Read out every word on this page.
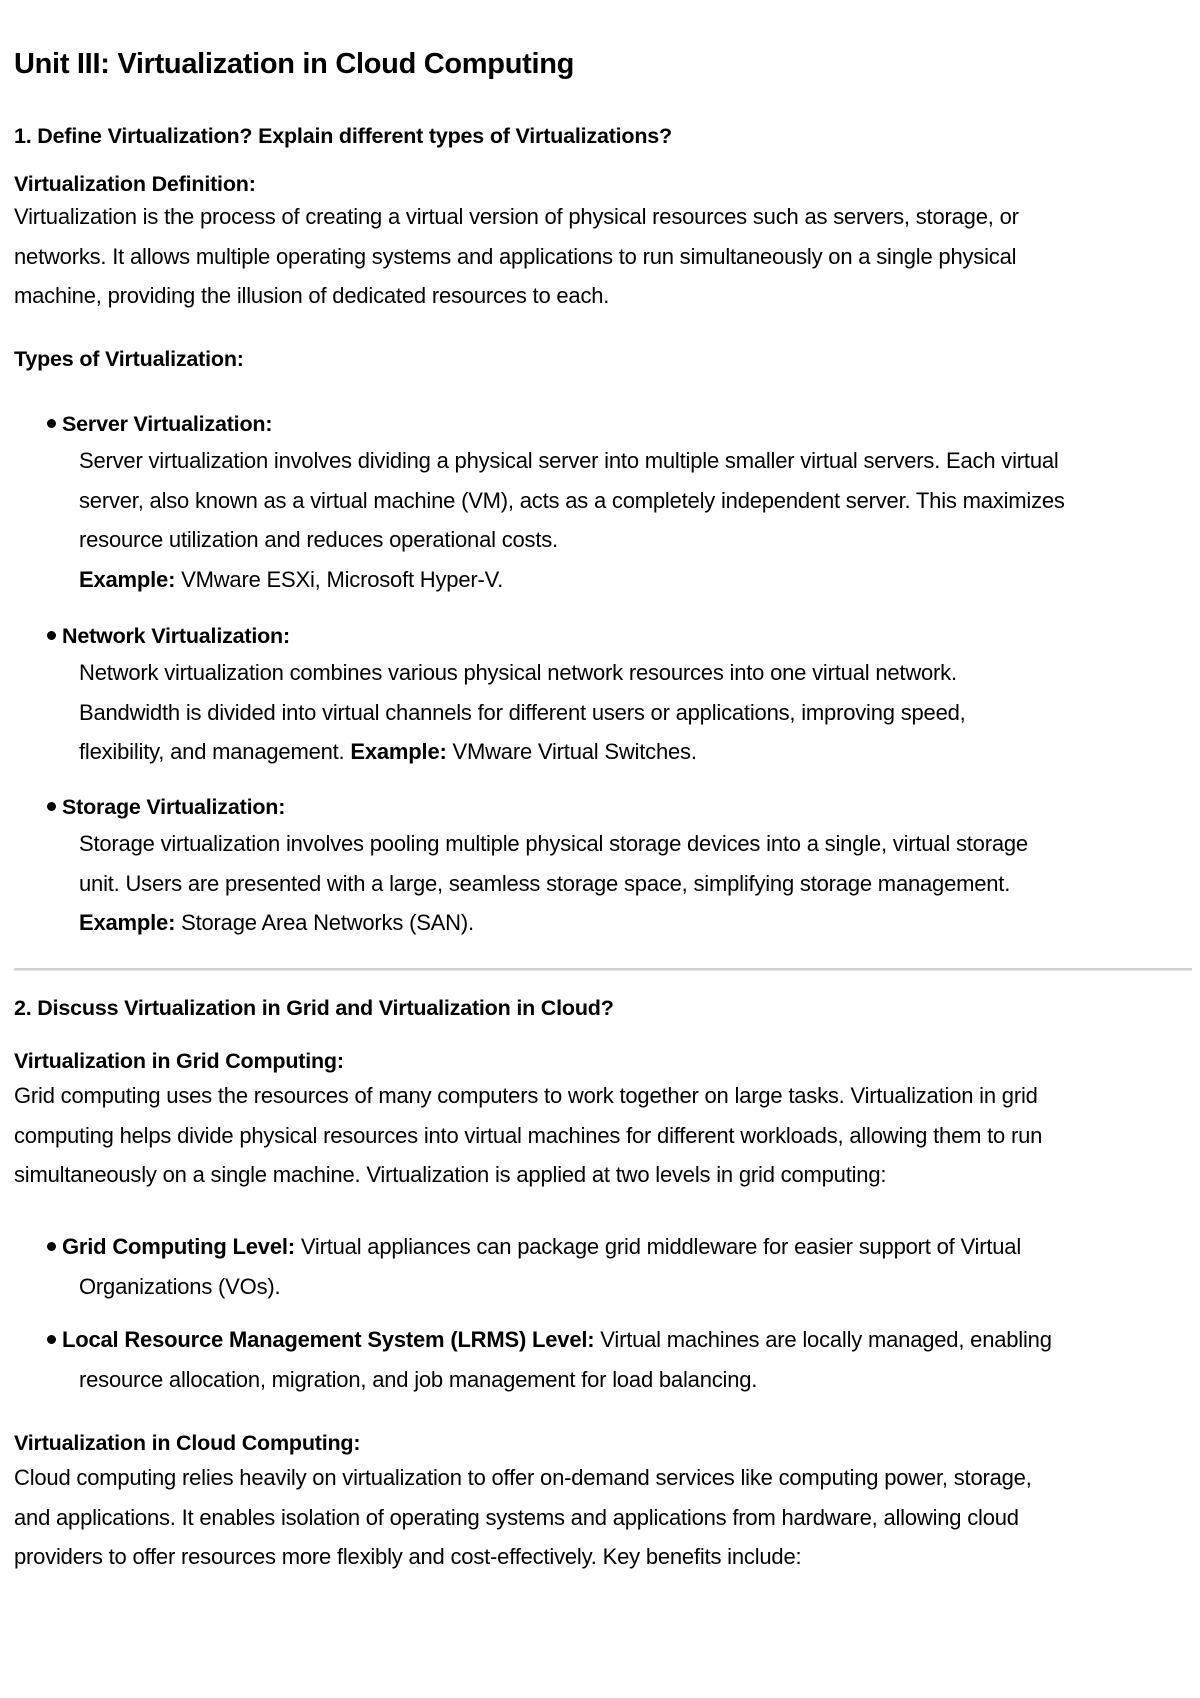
Unit III: Virtualization in Cloud Computing
1. Define Virtualization? Explain different types of Virtualizations?
Virtualization Definition:
Virtualization is the process of creating a virtual version of physical resources such as servers, storage, or
networks. It allows multiple operating systems and applications to run simultaneously on a single physical
machine, providing the illusion of dedicated resources to each.
Types of Virtualization:
Server Virtualization:
Server virtualization involves dividing a physical server into multiple smaller virtual servers. Each virtual
server, also known as a virtual machine (VM), acts as a completely independent server. This maximizes
resource utilization and reduces operational costs.
Example: VMware ESXi, Microsoft Hyper-V.
Network Virtualization:
Network virtualization combines various physical network resources into one virtual network.
Bandwidth is divided into virtual channels for different users or applications, improving speed,
flexibility, and management. Example: VMware Virtual Switches.
Storage Virtualization:
Storage virtualization involves pooling multiple physical storage devices into a single, virtual storage
unit. Users are presented with a large, seamless storage space, simplifying storage management.
Example: Storage Area Networks (SAN).
2. Discuss Virtualization in Grid and Virtualization in Cloud?
Virtualization in Grid Computing:
Grid computing uses the resources of many computers to work together on large tasks. Virtualization in grid
computing helps divide physical resources into virtual machines for different workloads, allowing them to run
simultaneously on a single machine. Virtualization is applied at two levels in grid computing:
Grid Computing Level: Virtual appliances can package grid middleware for easier support of Virtual
Organizations (VOs).
Local Resource Management System (LRMS) Level: Virtual machines are locally managed, enabling
resource allocation, migration, and job management for load balancing.
Virtualization in Cloud Computing:
Cloud computing relies heavily on virtualization to offer on-demand services like computing power, storage,
and applications. It enables isolation of operating systems and applications from hardware, allowing cloud
providers to offer resources more flexibly and cost-effectively. Key benefits include:
